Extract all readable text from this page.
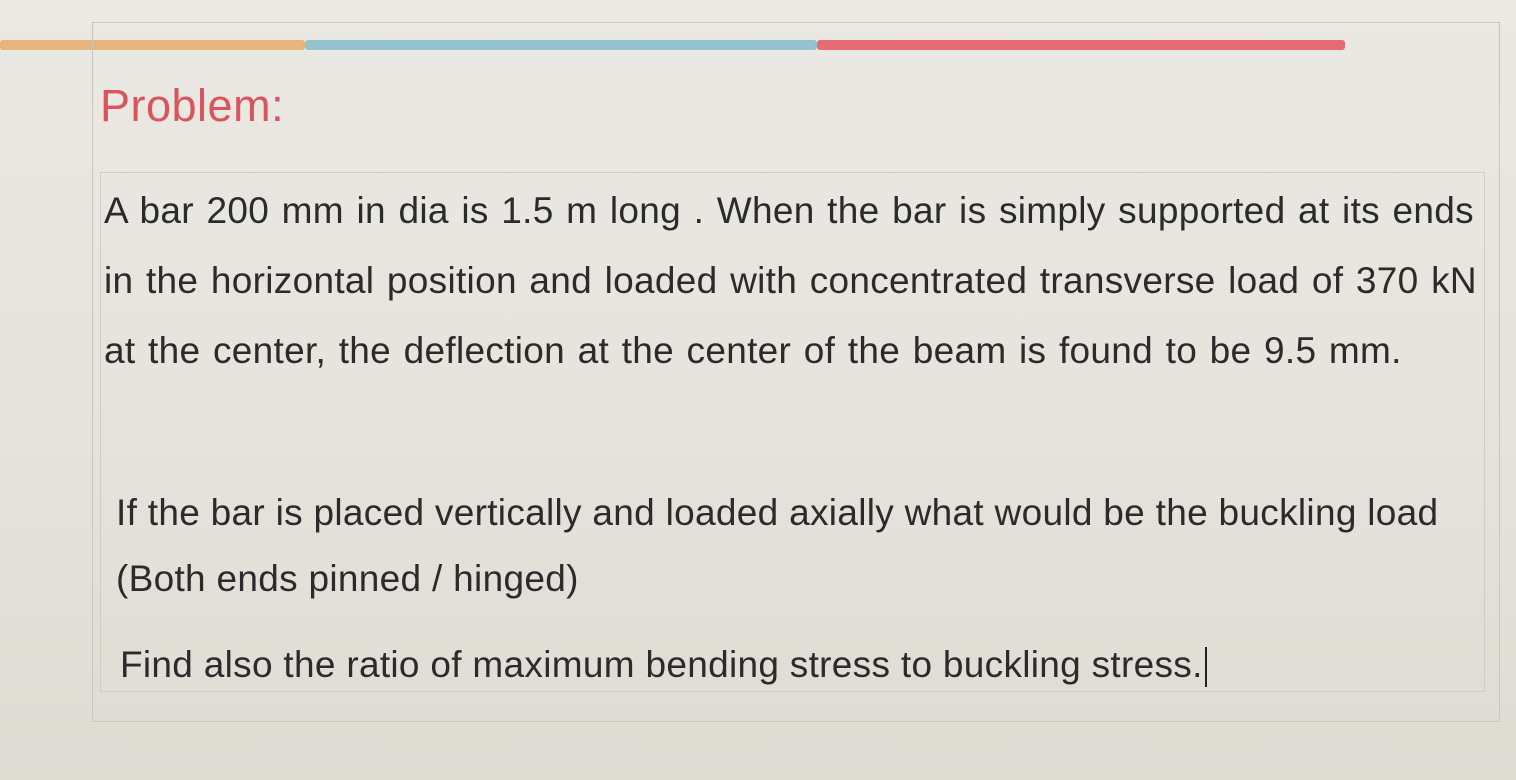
Problem:

A bar 200 mm in dia is 1.5 m long . When the bar is simply supported at its ends in the horizontal position and loaded with concentrated transverse load of 370 kN at the center, the deflection at the center of the beam is found to be 9.5 mm.

If the bar is placed vertically and loaded axially what would be the buckling load (Both ends pinned / hinged)

Find also the ratio of maximum bending stress to buckling stress.
